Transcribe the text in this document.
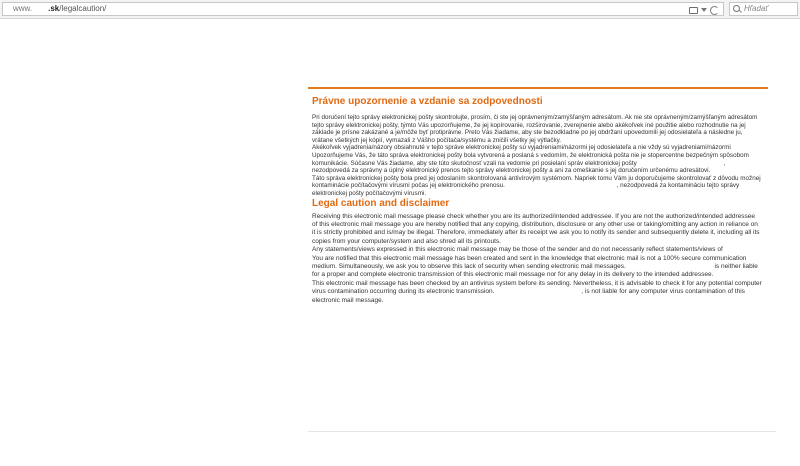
www. .sk/legalcaution/	Hľadať
Právne upozornenie a vzdanie sa zodpovednosti

Pri doručení tejto správy elektronickej pošty skontrolujte, prosím, či ste jej oprávneným/zamýšľaným adresátom. Ak nie ste oprávneným/zamýšľaným adresátom tejto správy elektronickej pošty, týmto Vás upozorňujeme, že jej kopírovanie, rozširovanie, zverejnenie alebo akékoľvek iné použitie alebo rozhodnutie na jej základe je prísne zakázané a je/môže byť protiprávne. Preto Vás žiadame, aby ste bezodkladne po jej obdržaní upovedomili jej odosielateľa a následne ju, vrátane všetkých jej kópií, vymazali z Vášho počítača/systému a zničili všetky jej výtlačky.

Akékoľvek vyjadrenia/názory obsiahnuté v tejto správe elektronickej pošty sú vyjadreniami/názormi jej odosielateľa a nie vždy sú vyjadreniami/názormi

Upozorňujeme Vás, že táto správa elektronickej pošty bola vytvorená a poslaná s vedomím, že elektronická pošta nie je stopercentne bezpečným spôsobom komunikácie. Súčasne Vás žiadame, aby ste túto skutočnosť vzali na vedomie pri posielaní správ elektronickej pošty	, nezodpovedá za správny a úplný elektronický prenos tejto správy elektronickej pošty a ani za omeškanie s jej doručením určenému adresátovi.

Táto správa elektronickej pošty bola pred jej odoslaním skontrolovaná antivírovým systémom. Napriek tomu Vám ju doporučujeme skontrolovať z dôvodu možnej kontaminácie počítačovými vírusmi počas jej elektronického prenosu.	, nezodpovedá za kontamináciu tejto správy elektronickej pošty počítačovými vírusmi.

Legal caution and disclaimer

Receiving this electronic mail message please check whether you are its authorized/intended addressee. If you are not the authorized/intended addressee of this electronic mail message you are hereby notified that any copying, distribution, disclosure or any other use or taking/omitting any action in reliance on it is strictly prohibited and is/may be illegal. Therefore, immediately after its receipt we ask you to notify its sender and subsequently delete it, including all its copies from your computer/system and also shred all its printouts.

Any statements/views expressed in this electronic mail message may be those of the sender and do not necessarily reflect statements/views of

You are notified that this electronic mail message has been created and sent in the knowledge that electronic mail is not a 100% secure communication medium. Simultaneously, we ask you to observe this lack of security when sending electronic mail messages.	is neither liable for a proper and complete electronic transmission of this electronic mail message nor for any delay in its delivery to the intended addressee.

This electronic mail message has been checked by an antivirus system before its sending. Nevertheless, it is advisable to check it for any potential computer virus contamination occurring during its electronic transmission.	, is not liable for any computer virus contamination of this electronic mail message.
